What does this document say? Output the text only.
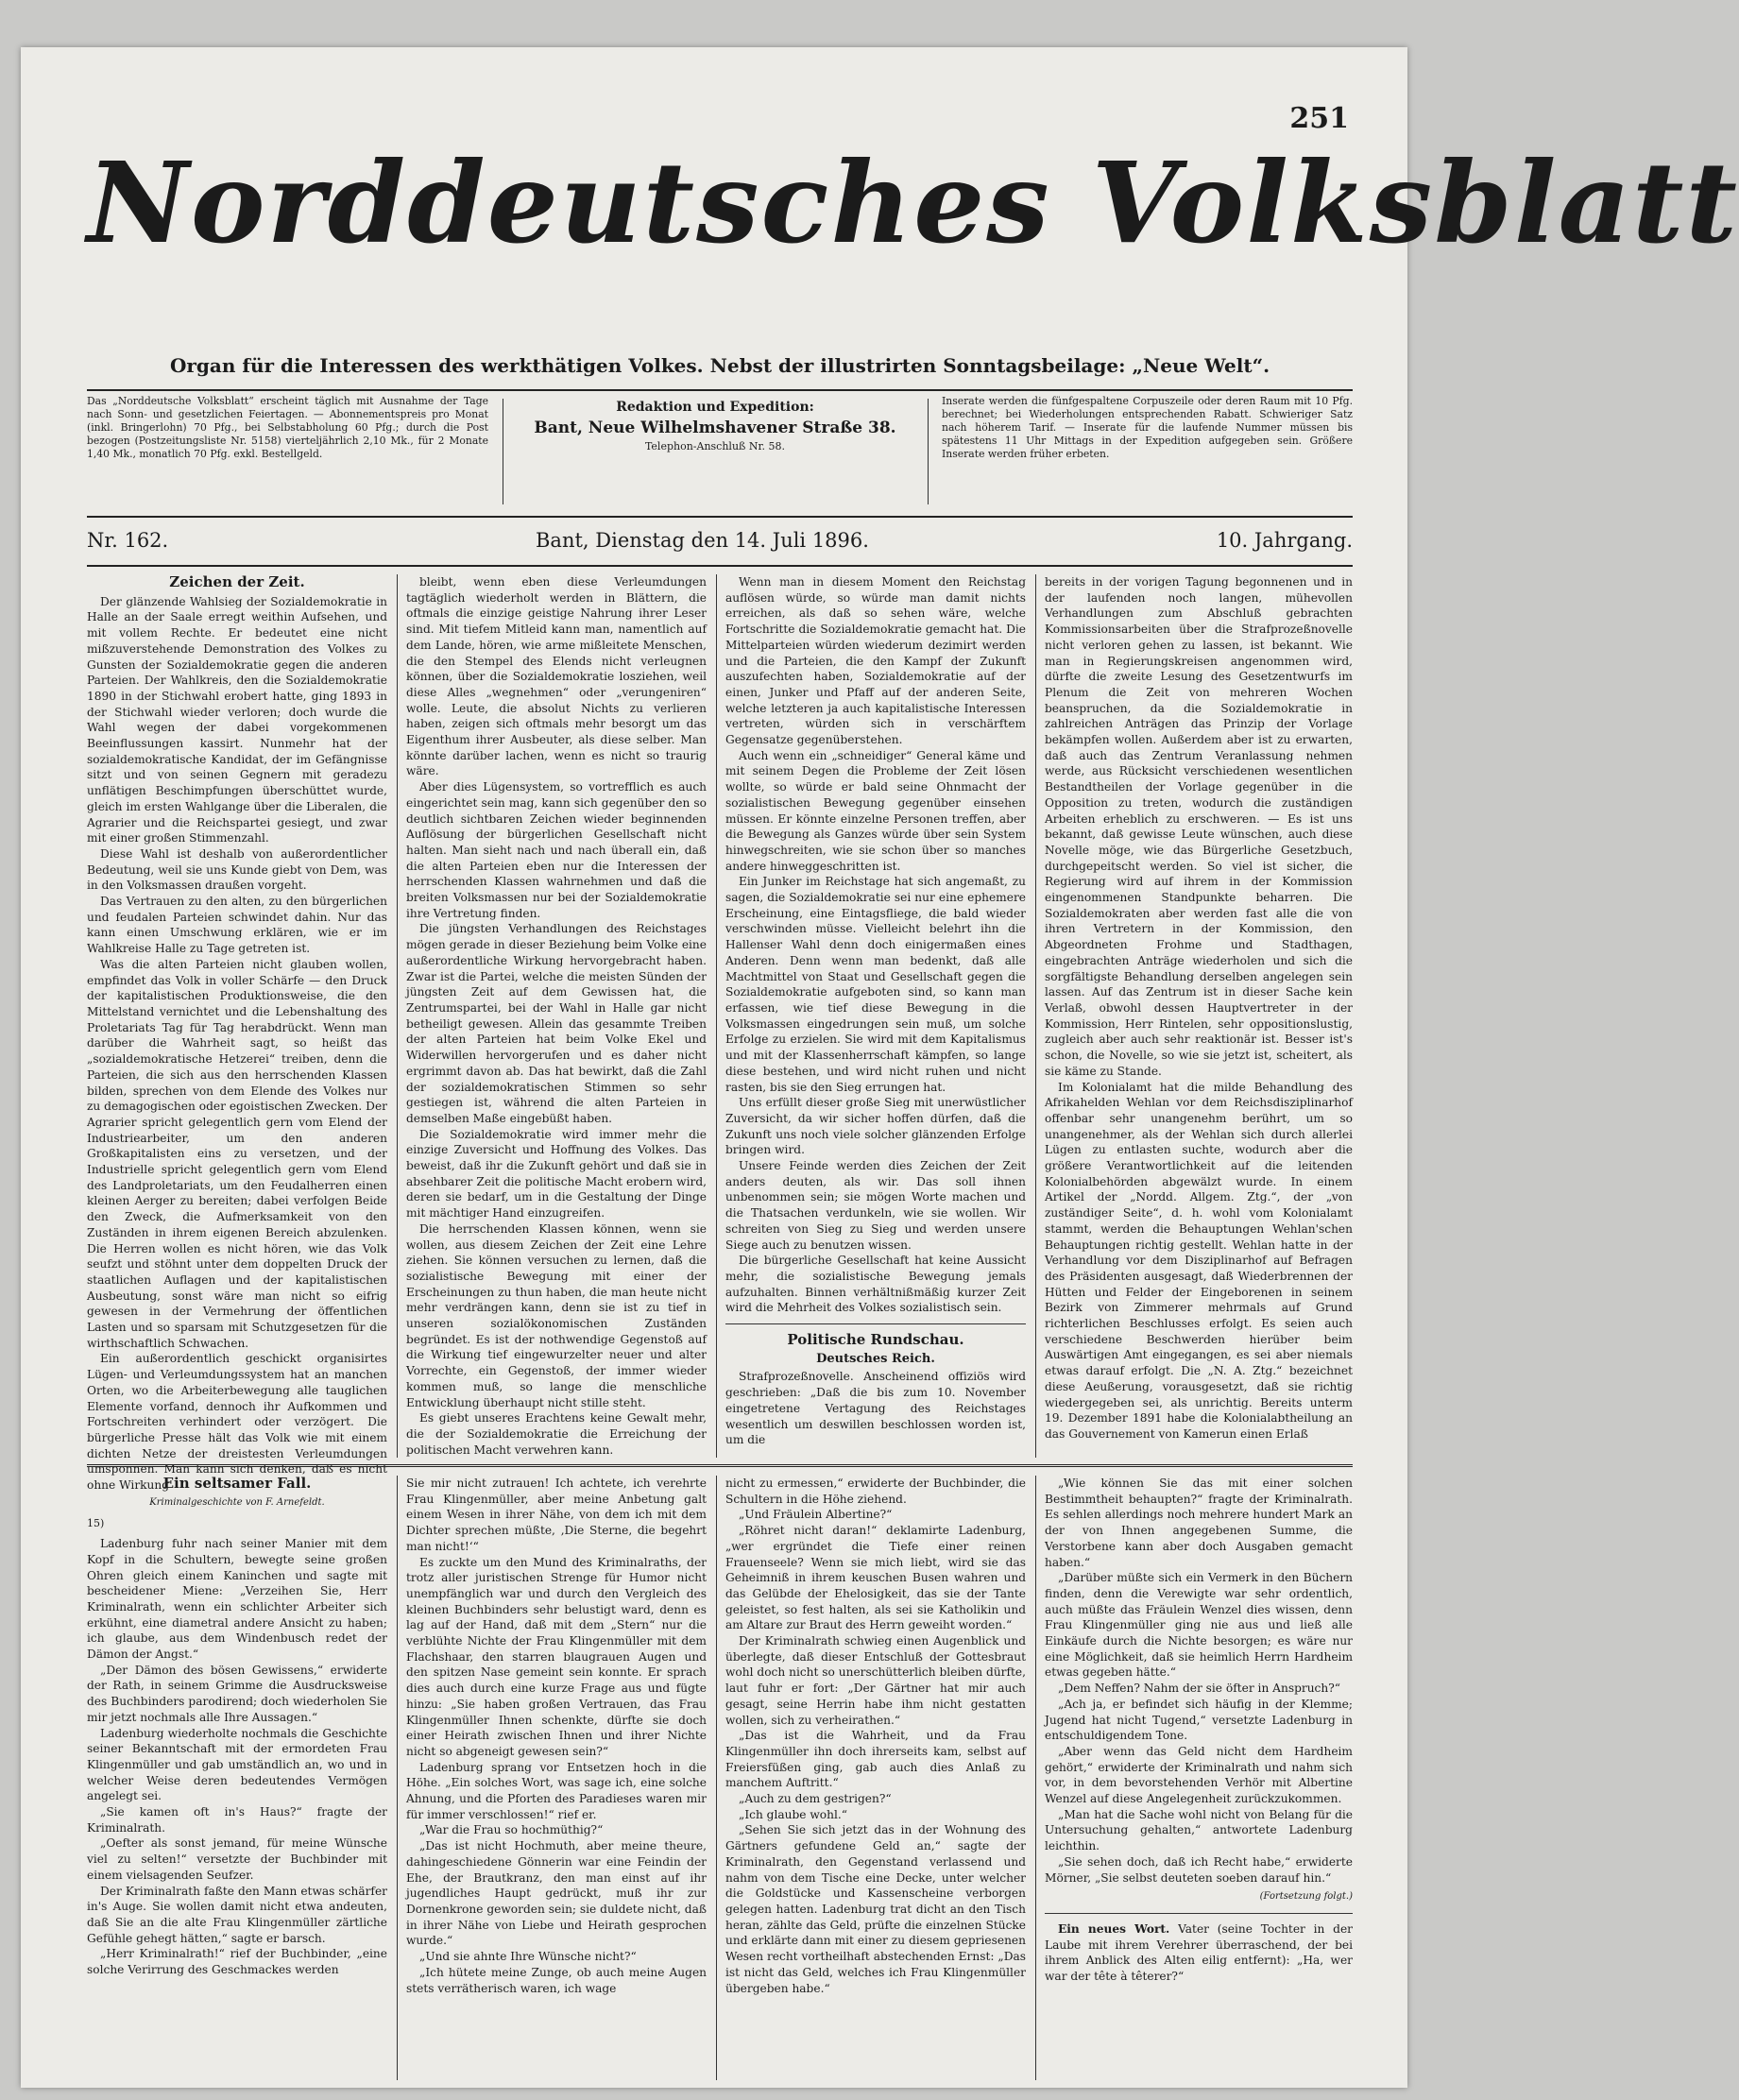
251
Norddeutsches Volksblatt
Organ für die Interessen des werkthätigen Volkes. Nebst der illustrirten Sonntagsbeilage: „Neue Welt“.
Das „Norddeutsche Volksblatt“ erscheint täglich mit Ausnahme der Tage nach Sonn- und gesetzlichen Feiertagen. — Abonnementspreis pro Monat (inkl. Bringerlohn) 70 Pfg., bei Selbstabholung 60 Pfg.; durch die Post bezogen (Postzeitungsliste Nr. 5158) vierteljährlich 2,10 Mk., für 2 Monate 1,40 Mk., monatlich 70 Pfg. exkl. Bestellgeld.
Redaktion und Expedition:
Bant, Neue Wilhelmshavener Straße 38.
Telephon-Anschluß Nr. 58.
Inserate werden die fünfgespaltene Corpuszeile oder deren Raum mit 10 Pfg. berechnet; bei Wiederholungen entsprechenden Rabatt. Schwieriger Satz nach höherem Tarif. — Inserate für die laufende Nummer müssen bis spätestens 11 Uhr Mittags in der Expedition aufgegeben sein. Größere Inserate werden früher erbeten.
Nr. 162.	Bant, Dienstag den 14. Juli 1896.	10. Jahrgang.
Zeichen der Zeit.

Der glänzende Wahlsieg der Sozialdemokratie in Halle an der Saale erregt weithin Aufsehen, und mit vollem Rechte. Er bedeutet eine nicht mißzuverstehende Demonstration des Volkes zu Gunsten der Sozialdemokratie gegen die anderen Parteien. Der Wahlkreis, den die Sozialdemokratie 1890 in der Stichwahl erobert hatte, ging 1893 in der Stichwahl wieder verloren; doch wurde die Wahl wegen der dabei vorgekommenen Beeinflussungen kassirt. Nunmehr hat der sozialdemokratische Kandidat, der im Gefängnisse sitzt und von seinen Gegnern mit geradezu unflätigen Beschimpfungen überschüttet wurde, gleich im ersten Wahlgange über die Liberalen, die Agrarier und die Reichspartei gesiegt, und zwar mit einer großen Stimmenzahl.

Diese Wahl ist deshalb von außerordentlicher Bedeutung, weil sie uns Kunde giebt von Dem, was in den Volksmassen draußen vorgeht.

Das Vertrauen zu den alten, zu den bürgerlichen und feudalen Parteien schwindet dahin. Nur das kann einen Umschwung erklären, wie er im Wahlkreise Halle zu Tage getreten ist.

Was die alten Parteien nicht glauben wollen, empfindet das Volk in voller Schärfe — den Druck der kapitalistischen Produktionsweise, die den Mittelstand vernichtet und die Lebenshaltung des Proletariats Tag für Tag herabdrückt. Wenn man darüber die Wahrheit sagt, so heißt das „sozialdemokratische Hetzerei“ treiben, denn die Parteien, die sich aus den herrschenden Klassen bilden, sprechen von dem Elende des Volkes nur zu demagogischen oder egoistischen Zwecken. Der Agrarier spricht gelegentlich gern vom Elend der Industriearbeiter, um den anderen Großkapitalisten eins zu versetzen, und der Industrielle spricht gelegentlich gern vom Elend des Landproletariats, um den Feudalherren einen kleinen Aerger zu bereiten; dabei verfolgen Beide den Zweck, die Aufmerksamkeit von den Zuständen in ihrem eigenen Bereich abzulenken. Die Herren wollen es nicht hören, wie das Volk seufzt und stöhnt unter dem doppelten Druck der staatlichen Auflagen und der kapitalistischen Ausbeutung, sonst wäre man nicht so eifrig gewesen in der Vermehrung der öffentlichen Lasten und so sparsam mit Schutzgesetzen für die wirthschaftlich Schwachen.

Ein außerordentlich geschickt organisirtes Lügen- und Verleumdungssystem hat an manchen Orten, wo die Arbeiterbewegung alle tauglichen Elemente vorfand, dennoch ihr Aufkommen und Fortschreiten verhindert oder verzögert. Die bürgerliche Presse hält das Volk wie mit einem dichten Netze der dreistesten Verleumdungen umsponnen. Man kann sich denken, daß es nicht ohne Wirkung

bleibt, wenn eben diese Verleumdungen tagtäglich wiederholt werden in Blättern, die oftmals die einzige geistige Nahrung ihrer Leser sind. Mit tiefem Mitleid kann man, namentlich auf dem Lande, hören, wie arme mißleitete Menschen, die den Stempel des Elends nicht verleugnen können, über die Sozialdemokratie losziehen, weil diese Alles „wegnehmen“ oder „verungeniren“ wolle. Leute, die absolut Nichts zu verlieren haben, zeigen sich oftmals mehr besorgt um das Eigenthum ihrer Ausbeuter, als diese selber. Man könnte darüber lachen, wenn es nicht so traurig wäre.

Aber dies Lügensystem, so vortrefflich es auch eingerichtet sein mag, kann sich gegenüber den so deutlich sichtbaren Zeichen wieder beginnenden Auflösung der bürgerlichen Gesellschaft nicht halten. Man sieht nach und nach überall ein, daß die alten Parteien eben nur die Interessen der herrschenden Klassen wahrnehmen und daß die breiten Volksmassen nur bei der Sozialdemokratie ihre Vertretung finden.

Die jüngsten Verhandlungen des Reichstages mögen gerade in dieser Beziehung beim Volke eine außerordentliche Wirkung hervorgebracht haben. Zwar ist die Partei, welche die meisten Sünden der jüngsten Zeit auf dem Gewissen hat, die Zentrumspartei, bei der Wahl in Halle gar nicht betheiligt gewesen. Allein das gesammte Treiben der alten Parteien hat beim Volke Ekel und Widerwillen hervorgerufen und es daher nicht ergrimmt davon ab. Das hat bewirkt, daß die Zahl der sozialdemokratischen Stimmen so sehr gestiegen ist, während die alten Parteien in demselben Maße eingebüßt haben.

Die Sozialdemokratie wird immer mehr die einzige Zuversicht und Hoffnung des Volkes. Das beweist, daß ihr die Zukunft gehört und daß sie in absehbarer Zeit die politische Macht erobern wird, deren sie bedarf, um in die Gestaltung der Dinge mit mächtiger Hand einzugreifen.

Die herrschenden Klassen können, wenn sie wollen, aus diesem Zeichen der Zeit eine Lehre ziehen. Sie können versuchen zu lernen, daß die sozialistische Bewegung mit einer der Erscheinungen zu thun haben, die man heute nicht mehr verdrängen kann, denn sie ist zu tief in unseren sozialökonomischen Zuständen begründet. Es ist der nothwendige Gegenstoß auf die Wirkung tief eingewurzelter neuer und alter Vorrechte, ein Gegenstoß, der immer wieder kommen muß, so lange die menschliche Entwicklung überhaupt nicht stille steht.

Es giebt unseres Erachtens keine Gewalt mehr, die der Sozialdemokratie die Erreichung der politischen Macht verwehren kann.

Wenn man in diesem Moment den Reichstag auflösen würde, so würde man damit nichts erreichen, als daß so sehen wäre, welche Fortschritte die Sozialdemokratie gemacht hat. Die Mittelparteien würden wiederum dezimirt werden und die Parteien, die den Kampf der Zukunft auszufechten haben, Sozialdemokratie auf der einen, Junker und Pfaff auf der anderen Seite, welche letzteren ja auch kapitalistische Interessen vertreten, würden sich in verschärftem Gegensatze gegenüberstehen.

Auch wenn ein „schneidiger“ General käme und mit seinem Degen die Probleme der Zeit lösen wollte, so würde er bald seine Ohnmacht der sozialistischen Bewegung gegenüber einsehen müssen. Er könnte einzelne Personen treffen, aber die Bewegung als Ganzes würde über sein System hinwegschreiten, wie sie schon über so manches andere hinweggeschritten ist.

Ein Junker im Reichstage hat sich angemaßt, zu sagen, die Sozialdemokratie sei nur eine ephemere Erscheinung, eine Eintagsfliege, die bald wieder verschwinden müsse. Vielleicht belehrt ihn die Hallenser Wahl denn doch einigermaßen eines Anderen. Denn wenn man bedenkt, daß alle Machtmittel von Staat und Gesellschaft gegen die Sozialdemokratie aufgeboten sind, so kann man erfassen, wie tief diese Bewegung in die Volksmassen eingedrungen sein muß, um solche Erfolge zu erzielen. Sie wird mit dem Kapitalismus und mit der Klassenherrschaft kämpfen, so lange diese bestehen, und wird nicht ruhen und nicht rasten, bis sie den Sieg errungen hat.

Uns erfüllt dieser große Sieg mit unerwüstlicher Zuversicht, da wir sicher hoffen dürfen, daß die Zukunft uns noch viele solcher glänzenden Erfolge bringen wird.

Unsere Feinde werden dies Zeichen der Zeit anders deuten, als wir. Das soll ihnen unbenommen sein; sie mögen Worte machen und die Thatsachen verdunkeln, wie sie wollen. Wir schreiten von Sieg zu Sieg und werden unsere Siege auch zu benutzen wissen.

Die bürgerliche Gesellschaft hat keine Aussicht mehr, die sozialistische Bewegung jemals aufzuhalten. Binnen verhältnißmäßig kurzer Zeit wird die Mehrheit des Volkes sozialistisch sein.

Politische Rundschau.
Deutsches Reich.

Strafprozeßnovelle. Anscheinend offiziös wird geschrieben: „Daß die bis zum 10. November eingetretene Vertagung des Reichstages wesentlich um deswillen beschlossen worden ist, um die

bereits in der vorigen Tagung begonnenen und in der laufenden noch langen, mühevollen Verhandlungen zum Abschluß gebrachten Kommissionsarbeiten über die Strafprozeßnovelle nicht verloren gehen zu lassen, ist bekannt. Wie man in Regierungskreisen angenommen wird, dürfte die zweite Lesung des Gesetzentwurfs im Plenum die Zeit von mehreren Wochen beanspruchen, da die Sozialdemokratie in zahlreichen Anträgen das Prinzip der Vorlage bekämpfen wollen. Außerdem aber ist zu erwarten, daß auch das Zentrum Veranlassung nehmen werde, aus Rücksicht verschiedenen wesentlichen Bestandtheilen der Vorlage gegenüber in die Opposition zu treten, wodurch die zuständigen Arbeiten erheblich zu erschweren. — Es ist uns bekannt, daß gewisse Leute wünschen, auch diese Novelle möge, wie das Bürgerliche Gesetzbuch, durchgepeitscht werden. So viel ist sicher, die Regierung wird auf ihrem in der Kommission eingenommenen Standpunkte beharren. Die Sozialdemokraten aber werden fast alle die von ihren Vertretern in der Kommission, den Abgeordneten Frohme und Stadthagen, eingebrachten Anträge wiederholen und sich die sorgfältigste Behandlung derselben angelegen sein lassen. Auf das Zentrum ist in dieser Sache kein Verlaß, obwohl dessen Hauptvertreter in der Kommission, Herr Rintelen, sehr oppositionslustig, zugleich aber auch sehr reaktionär ist. Besser ist's schon, die Novelle, so wie sie jetzt ist, scheitert, als sie käme zu Stande.

Im Kolonialamt hat die milde Behandlung des Afrikahelden Wehlan vor dem Reichsdisziplinarhof offenbar sehr unangenehm berührt, um so unangenehmer, als der Wehlan sich durch allerlei Lügen zu entlasten suchte, wodurch aber die größere Verantwortlichkeit auf die leitenden Kolonialbehörden abgewälzt wurde. In einem Artikel der „Nordd. Allgem. Ztg.“, der „von zuständiger Seite“, d. h. wohl vom Kolonialamt stammt, werden die Behauptungen Wehlan'schen Behauptungen richtig gestellt. Wehlan hatte in der Verhandlung vor dem Disziplinarhof auf Befragen des Präsidenten ausgesagt, daß Wiederbrennen der Hütten und Felder der Eingeborenen in seinem Bezirk von Zimmerer mehrmals auf Grund richterlichen Beschlusses erfolgt. Es seien auch verschiedene Beschwerden hierüber beim Auswärtigen Amt eingegangen, es sei aber niemals etwas darauf erfolgt. Die „N. A. Ztg.“ bezeichnet diese Aeußerung, vorausgesetzt, daß sie richtig wiedergegeben sei, als unrichtig. Bereits unterm 19. Dezember 1891 habe die Kolonialabtheilung an das Gouvernement von Kamerun einen Erlaß

Ein seltsamer Fall.

Kriminalgeschichte von F. Arnefeldt.

15)

Ladenburg fuhr nach seiner Manier mit dem Kopf in die Schultern, bewegte seine großen Ohren gleich einem Kaninchen und sagte mit bescheidener Miene: „Verzeihen Sie, Herr Kriminalrath, wenn ein schlichter Arbeiter sich erkühnt, eine diametral andere Ansicht zu haben; ich glaube, aus dem Windenbusch redet der Dämon der Angst.“

„Der Dämon des bösen Gewissens,“ erwiderte der Rath, in seinem Grimme die Ausdrucksweise des Buchbinders parodirend; doch wiederholen Sie mir jetzt nochmals alle Ihre Aussagen.“

Ladenburg wiederholte nochmals die Geschichte seiner Bekanntschaft mit der ermordeten Frau Klingenmüller und gab umständlich an, wo und in welcher Weise deren bedeutendes Vermögen angelegt sei.

„Sie kamen oft in's Haus?“ fragte der Kriminalrath.

„Oefter als sonst jemand, für meine Wünsche viel zu selten!“ versetzte der Buchbinder mit einem vielsagenden Seufzer.

Der Kriminalrath faßte den Mann etwas schärfer in's Auge. Sie wollen damit nicht etwa andeuten, daß Sie an die alte Frau Klingenmüller zärtliche Gefühle gehegt hätten,“ sagte er barsch.

„Herr Kriminalrath!“ rief der Buchbinder, „eine solche Verirrung des Geschmackes werden

Sie mir nicht zutrauen! Ich achtete, ich verehrte Frau Klingenmüller, aber meine Anbetung galt einem Wesen in ihrer Nähe, von dem ich mit dem Dichter sprechen müßte, ‚Die Sterne, die begehrt man nicht!‘“

Es zuckte um den Mund des Kriminalraths, der trotz aller juristischen Strenge für Humor nicht unempfänglich war und durch den Vergleich des kleinen Buchbinders sehr belustigt ward, denn es lag auf der Hand, daß mit dem „Stern“ nur die verblühte Nichte der Frau Klingenmüller mit dem Flachshaar, den starren blaugrauen Augen und den spitzen Nase gemeint sein konnte. Er sprach dies auch durch eine kurze Frage aus und fügte hinzu: „Sie haben großen Vertrauen, das Frau Klingenmüller Ihnen schenkte, dürfte sie doch einer Heirath zwischen Ihnen und ihrer Nichte nicht so abgeneigt gewesen sein?“

Ladenburg sprang vor Entsetzen hoch in die Höhe. „Ein solches Wort, was sage ich, eine solche Ahnung, und die Pforten des Paradieses waren mir für immer verschlossen!“ rief er.

„War die Frau so hochmüthig?“

„Das ist nicht Hochmuth, aber meine theure, dahingeschiedene Gönnerin war eine Feindin der Ehe, der Brautkranz, den man einst auf ihr jugendliches Haupt gedrückt, muß ihr zur Dornenkrone geworden sein; sie duldete nicht, daß in ihrer Nähe von Liebe und Heirath gesprochen wurde.“

„Und sie ahnte Ihre Wünsche nicht?“

„Ich hütete meine Zunge, ob auch meine Augen stets verrätherisch waren, ich wage

nicht zu ermessen,“ erwiderte der Buchbinder, die Schultern in die Höhe ziehend.

„Und Fräulein Albertine?“

„Röhret nicht daran!“ deklamirte Ladenburg, „wer ergründet die Tiefe einer reinen Frauenseele? Wenn sie mich liebt, wird sie das Geheimniß in ihrem keuschen Busen wahren und das Gelübde der Ehelosigkeit, das sie der Tante geleistet, so fest halten, als sei sie Katholikin und am Altare zur Braut des Herrn geweiht worden.“

Der Kriminalrath schwieg einen Augenblick und überlegte, daß dieser Entschluß der Gottesbraut wohl doch nicht so unerschütterlich bleiben dürfte, laut fuhr er fort: „Der Gärtner hat mir auch gesagt, seine Herrin habe ihm nicht gestatten wollen, sich zu verheirathen.“

„Das ist die Wahrheit, und da Frau Klingenmüller ihn doch ihrerseits kam, selbst auf Freiersfüßen ging, gab auch dies Anlaß zu manchem Auftritt.“

„Auch zu dem gestrigen?“

„Ich glaube wohl.“

„Sehen Sie sich jetzt das in der Wohnung des Gärtners gefundene Geld an,“ sagte der Kriminalrath, den Gegenstand verlassend und nahm von dem Tische eine Decke, unter welcher die Goldstücke und Kassenscheine verborgen gelegen hatten. Ladenburg trat dicht an den Tisch heran, zählte das Geld, prüfte die einzelnen Stücke und erklärte dann mit einer zu diesem gepriesenen Wesen recht vortheilhaft abstechenden Ernst: „Das ist nicht das Geld, welches ich Frau Klingenmüller übergeben habe.“

„Wie können Sie das mit einer solchen Bestimmtheit behaupten?“ fragte der Kriminalrath. Es sehlen allerdings noch mehrere hundert Mark an der von Ihnen angegebenen Summe, die Verstorbene kann aber doch Ausgaben gemacht haben.“

„Darüber müßte sich ein Vermerk in den Büchern finden, denn die Verewigte war sehr ordentlich, auch müßte das Fräulein Wenzel dies wissen, denn Frau Klingenmüller ging nie aus und ließ alle Einkäufe durch die Nichte besorgen; es wäre nur eine Möglichkeit, daß sie heimlich Herrn Hardheim etwas gegeben hätte.“

„Dem Neffen? Nahm der sie öfter in Anspruch?“

„Ach ja, er befindet sich häufig in der Klemme; Jugend hat nicht Tugend,“ versetzte Ladenburg in entschuldigendem Tone.

„Aber wenn das Geld nicht dem Hardheim gehört,“ erwiderte der Kriminalrath und nahm sich vor, in dem bevorstehenden Verhör mit Albertine Wenzel auf diese Angelegenheit zurückzukommen.

„Man hat die Sache wohl nicht von Belang für die Untersuchung gehalten,“ antwortete Ladenburg leichthin.

„Sie sehen doch, daß ich Recht habe,“ erwiderte Mörner, „Sie selbst deuteten soeben darauf hin.“

(Fortsetzung folgt.)

Ein neues Wort. Vater (seine Tochter in der Laube mit ihrem Verehrer überraschend, der bei ihrem Anblick des Alten eilig entfernt): „Ha, wer war der tête à têterer?“
